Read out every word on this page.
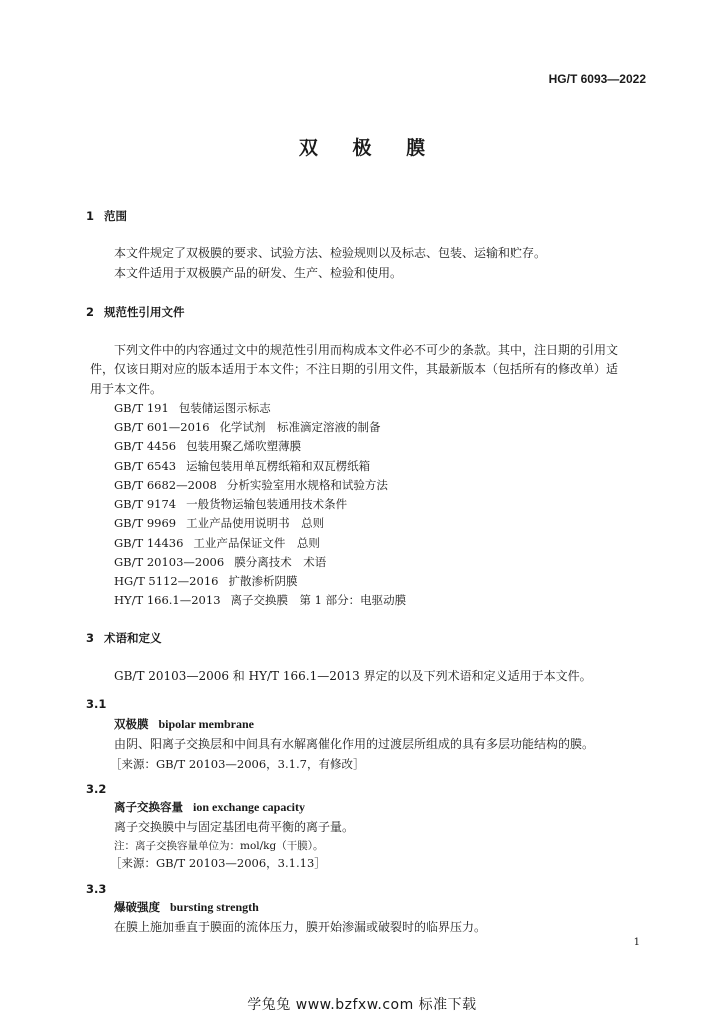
HG/T 6093—2022
双 极 膜
1 范围
本文件规定了双极膜的要求、试验方法、检验规则以及标志、包装、运输和贮存。
本文件适用于双极膜产品的研发、生产、检验和使用。
2 规范性引用文件
下列文件中的内容通过文中的规范性引用而构成本文件必不可少的条款。其中，注日期的引用文
件，仅该日期对应的版本适用于本文件；不注日期的引用文件，其最新版本（包括所有的修改单）适
用于本文件。
GB/T 191 包装储运图示标志
GB/T 601—2016 化学试剂　标准滴定溶液的制备
GB/T 4456 包装用聚乙烯吹塑薄膜
GB/T 6543 运输包装用单瓦楞纸箱和双瓦楞纸箱
GB/T 6682—2008 分析实验室用水规格和试验方法
GB/T 9174 一般货物运输包装通用技术条件
GB/T 9969 工业产品使用说明书　总则
GB/T 14436 工业产品保证文件　总则
GB/T 20103—2006 膜分离技术　术语
HG/T 5112—2016 扩散渗析阴膜
HY/T 166.1—2013 离子交换膜　第 1 部分：电驱动膜
3 术语和定义
GB/T 20103—2006 和 HY/T 166.1—2013 界定的以及下列术语和定义适用于本文件。
3.1
双极膜 bipolar membrane
由阴、阳离子交换层和中间具有水解离催化作用的过渡层所组成的具有多层功能结构的膜。
［来源：GB/T 20103—2006，3.1.7，有修改］
3.2
离子交换容量 ion exchange capacity
离子交换膜中与固定基团电荷平衡的离子量。
注：离子交换容量单位为：mol/kg（干膜）。
［来源：GB/T 20103—2006，3.1.13］
3.3
爆破强度 bursting strength
在膜上施加垂直于膜面的流体压力，膜开始渗漏或破裂时的临界压力。
1
学兔兔 www.bzfxw.com 标准下载
